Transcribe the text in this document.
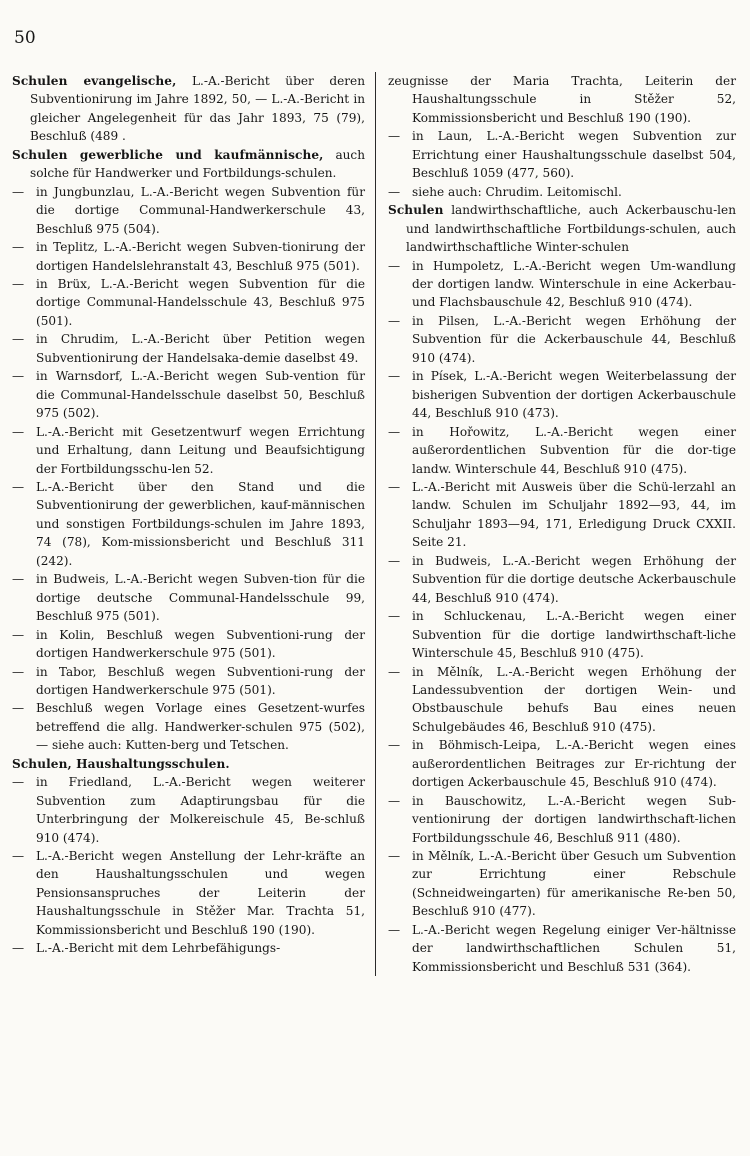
50

Schulen evangelische, L.-A.-Bericht über deren Subventionirung im Jahre 1892, 50, — L.-A.-Bericht in gleicher Angelegenheit für das Jahr 1893, 75 (79), Beschluß (489 .

Schulen gewerbliche und kaufmännische, auch solche für Handwerker und Fortbildungs-schulen.

— in Jungbunzlau, L.-A.-Bericht wegen Subvention für die dortige Communal-Handwerkerschule 43, Beschluß 975 (504).

— in Teplitz, L.-A.-Bericht wegen Subven-tionirung der dortigen Handelslehranstalt 43, Beschluß 975 (501).

— in Brüx, L.-A.-Bericht wegen Subvention für die dortige Communal-Handelsschule 43, Beschluß 975 (501).

— in Chrudim, L.-A.-Bericht über Petition wegen Subventionirung der Handelsaka-demie daselbst 49.

— in Warnsdorf, L.-A.-Bericht wegen Sub-vention für die Communal-Handelsschule daselbst 50, Beschluß 975 (502).

— L.-A.-Bericht mit Gesetzentwurf wegen Errichtung und Erhaltung, dann Leitung und Beaufsichtigung der Fortbildungsschu-len 52.

— L.-A.-Bericht über den Stand und die Subventionirung der gewerblichen, kauf-männischen und sonstigen Fortbildungs-schulen im Jahre 1893, 74 (78), Kom-missionsbericht und Beschluß 311 (242).

— in Budweis, L.-A.-Bericht wegen Subven-tion für die dortige deutsche Communal-Handelsschule 99, Beschluß 975 (501).

— in Kolin, Beschluß wegen Subventioni-rung der dortigen Handwerkerschule 975 (501).

— in Tabor, Beschluß wegen Subventioni-rung der dortigen Handwerkerschule 975 (501).

— Beschluß wegen Vorlage eines Gesetzent-wurfes betreffend die allg. Handwerker-schulen 975 (502), — siehe auch: Kutten-berg und Tetschen.

Schulen, Haushaltungsschulen.

— in Friedland, L.-A.-Bericht wegen weiterer Subvention zum Adaptirungsbau für die Unterbringung der Molkereischule 45, Be-schluß 910 (474).

— L.-A.-Bericht wegen Anstellung der Lehr-kräfte an den Haushaltungsschulen und wegen Pensionsanspruches der Leiterin der Haushaltungsschule in Stěžer Mar. Trachta 51, Kommissionsbericht und Beschluß 190 (190).

— L.-A.-Bericht mit dem Lehrbefähigungs-

zeugnisse der Maria Trachta, Leiterin der Haushaltungsschule in Stěžer 52, Kommissionsbericht und Beschluß 190 (190).

— in Laun, L.-A.-Bericht wegen Subvention zur Errichtung einer Haushaltungsschule daselbst 504, Beschluß 1059 (477, 560).

— siehe auch: Chrudim. Leitomischl.

Schulen landwirthschaftliche, auch Ackerbauschu-len und landwirthschaftliche Fortbildungs-schulen, auch landwirthschaftliche Winter-schulen

— in Humpoletz, L.-A.-Bericht wegen Um-wandlung der dortigen landw. Winterschule in eine Ackerbau- und Flachsbauschule 42, Beschluß 910 (474).

— in Pilsen, L.-A.-Bericht wegen Erhöhung der Subvention für die Ackerbauschule 44, Beschluß 910 (474).

— in Písek, L.-A.-Bericht wegen Weiterbelassung der bisherigen Subvention der dortigen Ackerbauschule 44, Beschluß 910 (473).

— in Hořowitz, L.-A.-Bericht wegen einer außerordentlichen Subvention für die dor-tige landw. Winterschule 44, Beschluß 910 (475).

— L.-A.-Bericht mit Ausweis über die Schü-lerzahl an landw. Schulen im Schuljahr 1892—93, 44, im Schuljahr 1893—94, 171, Erledigung Druck CXXII. Seite 21.

— in Budweis, L.-A.-Bericht wegen Erhöhung der Subvention für die dortige deutsche Ackerbauschule 44, Beschluß 910 (474).

— in Schluckenau, L.-A.-Bericht wegen einer Subvention für die dortige landwirthschaft-liche Winterschule 45, Beschluß 910 (475).

— in Mělník, L.-A.-Bericht wegen Erhöhung der Landessubvention der dortigen Wein- und Obstbauschule behufs Bau eines neuen Schulgebäudes 46, Beschluß 910 (475).

— in Böhmisch-Leipa, L.-A.-Bericht wegen eines außerordentlichen Beitrages zur Er-richtung der dortigen Ackerbauschule 45, Beschluß 910 (474).

— in Bauschowitz, L.-A.-Bericht wegen Sub-ventionirung der dortigen landwirthschaft-lichen Fortbildungsschule 46, Beschluß 911 (480).

— in Mělník, L.-A.-Bericht über Gesuch um Subvention zur Errichtung einer Rebschule (Schneidweingarten) für amerikanische Re-ben 50, Beschluß 910 (477).

— L.-A.-Bericht wegen Regelung einiger Ver-hältnisse der landwirthschaftlichen Schulen 51, Kommissionsbericht und Beschluß 531 (364).
